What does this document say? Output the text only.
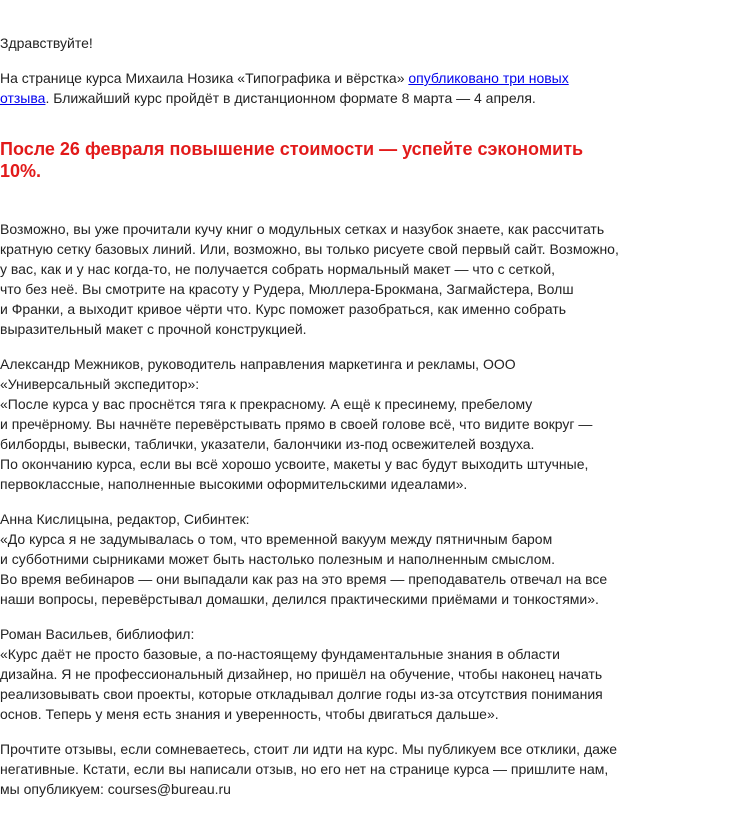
Здравствуйте!

На странице курса Михаила Нозика «Типографика и вёрстка» опубликовано три новых
отзыва. Ближайший курс пройдёт в дистанционном формате 8 марта — 4 апреля.

После 26 февраля повышение стоимости — успейте сэкономить
10%.

Возможно, вы уже прочитали кучу книг о модульных сетках и назубок знаете, как рассчитать
кратную сетку базовых линий. Или, возможно, вы только рисуете свой первый сайт. Возможно,
у вас, как и у нас когда-то, не получается собрать нормальный макет — что с сеткой,
что без неё. Вы смотрите на красоту у Рудера, Мюллера-Брокмана, Загмайстера, Волш
и Франки, а выходит кривое чёрти что. Курс поможет разобраться, как именно собрать
выразительный макет с прочной конструкцией.

Александр Межников, руководитель направления маркетинга и рекламы, ООО
«Универсальный экспедитор»:
«После курса у вас проснётся тяга к прекрасному. А ещё к пресинему, пребелому
и пречёрному. Вы начнёте перевёрстывать прямо в своей голове всё, что видите вокруг —
билборды, вывески, таблички, указатели, балончики из-под освежителей воздуха.
По окончанию курса, если вы всё хорошо усвоите, макеты у вас будут выходить штучные,
первоклассные, наполненные высокими оформительскими идеалами».

Анна Кислицына, редактор, Сибинтек:
«До курса я не задумывалась о том, что временной вакуум между пятничным баром
и субботними сырниками может быть настолько полезным и наполненным смыслом.
Во время вебинаров — они выпадали как раз на это время — преподаватель отвечал на все
наши вопросы, перевёрстывал домашки, делился практическими приёмами и тонкостями».

Роман Васильев, библиофил:
«Курс даёт не просто базовые, а по-настоящему фундаментальные знания в области
дизайна. Я не профессиональный дизайнер, но пришёл на обучение, чтобы наконец начать
реализовывать свои проекты, которые откладывал долгие годы из-за отсутствия понимания
основ. Теперь у меня есть знания и уверенность, чтобы двигаться дальше».

Прочтите отзывы, если сомневаетесь, стоит ли идти на курс. Мы публикуем все отклики, даже
негативные. Кстати, если вы написали отзыв, но его нет на странице курса — пришлите нам,
мы опубликуем: courses@bureau.ru
